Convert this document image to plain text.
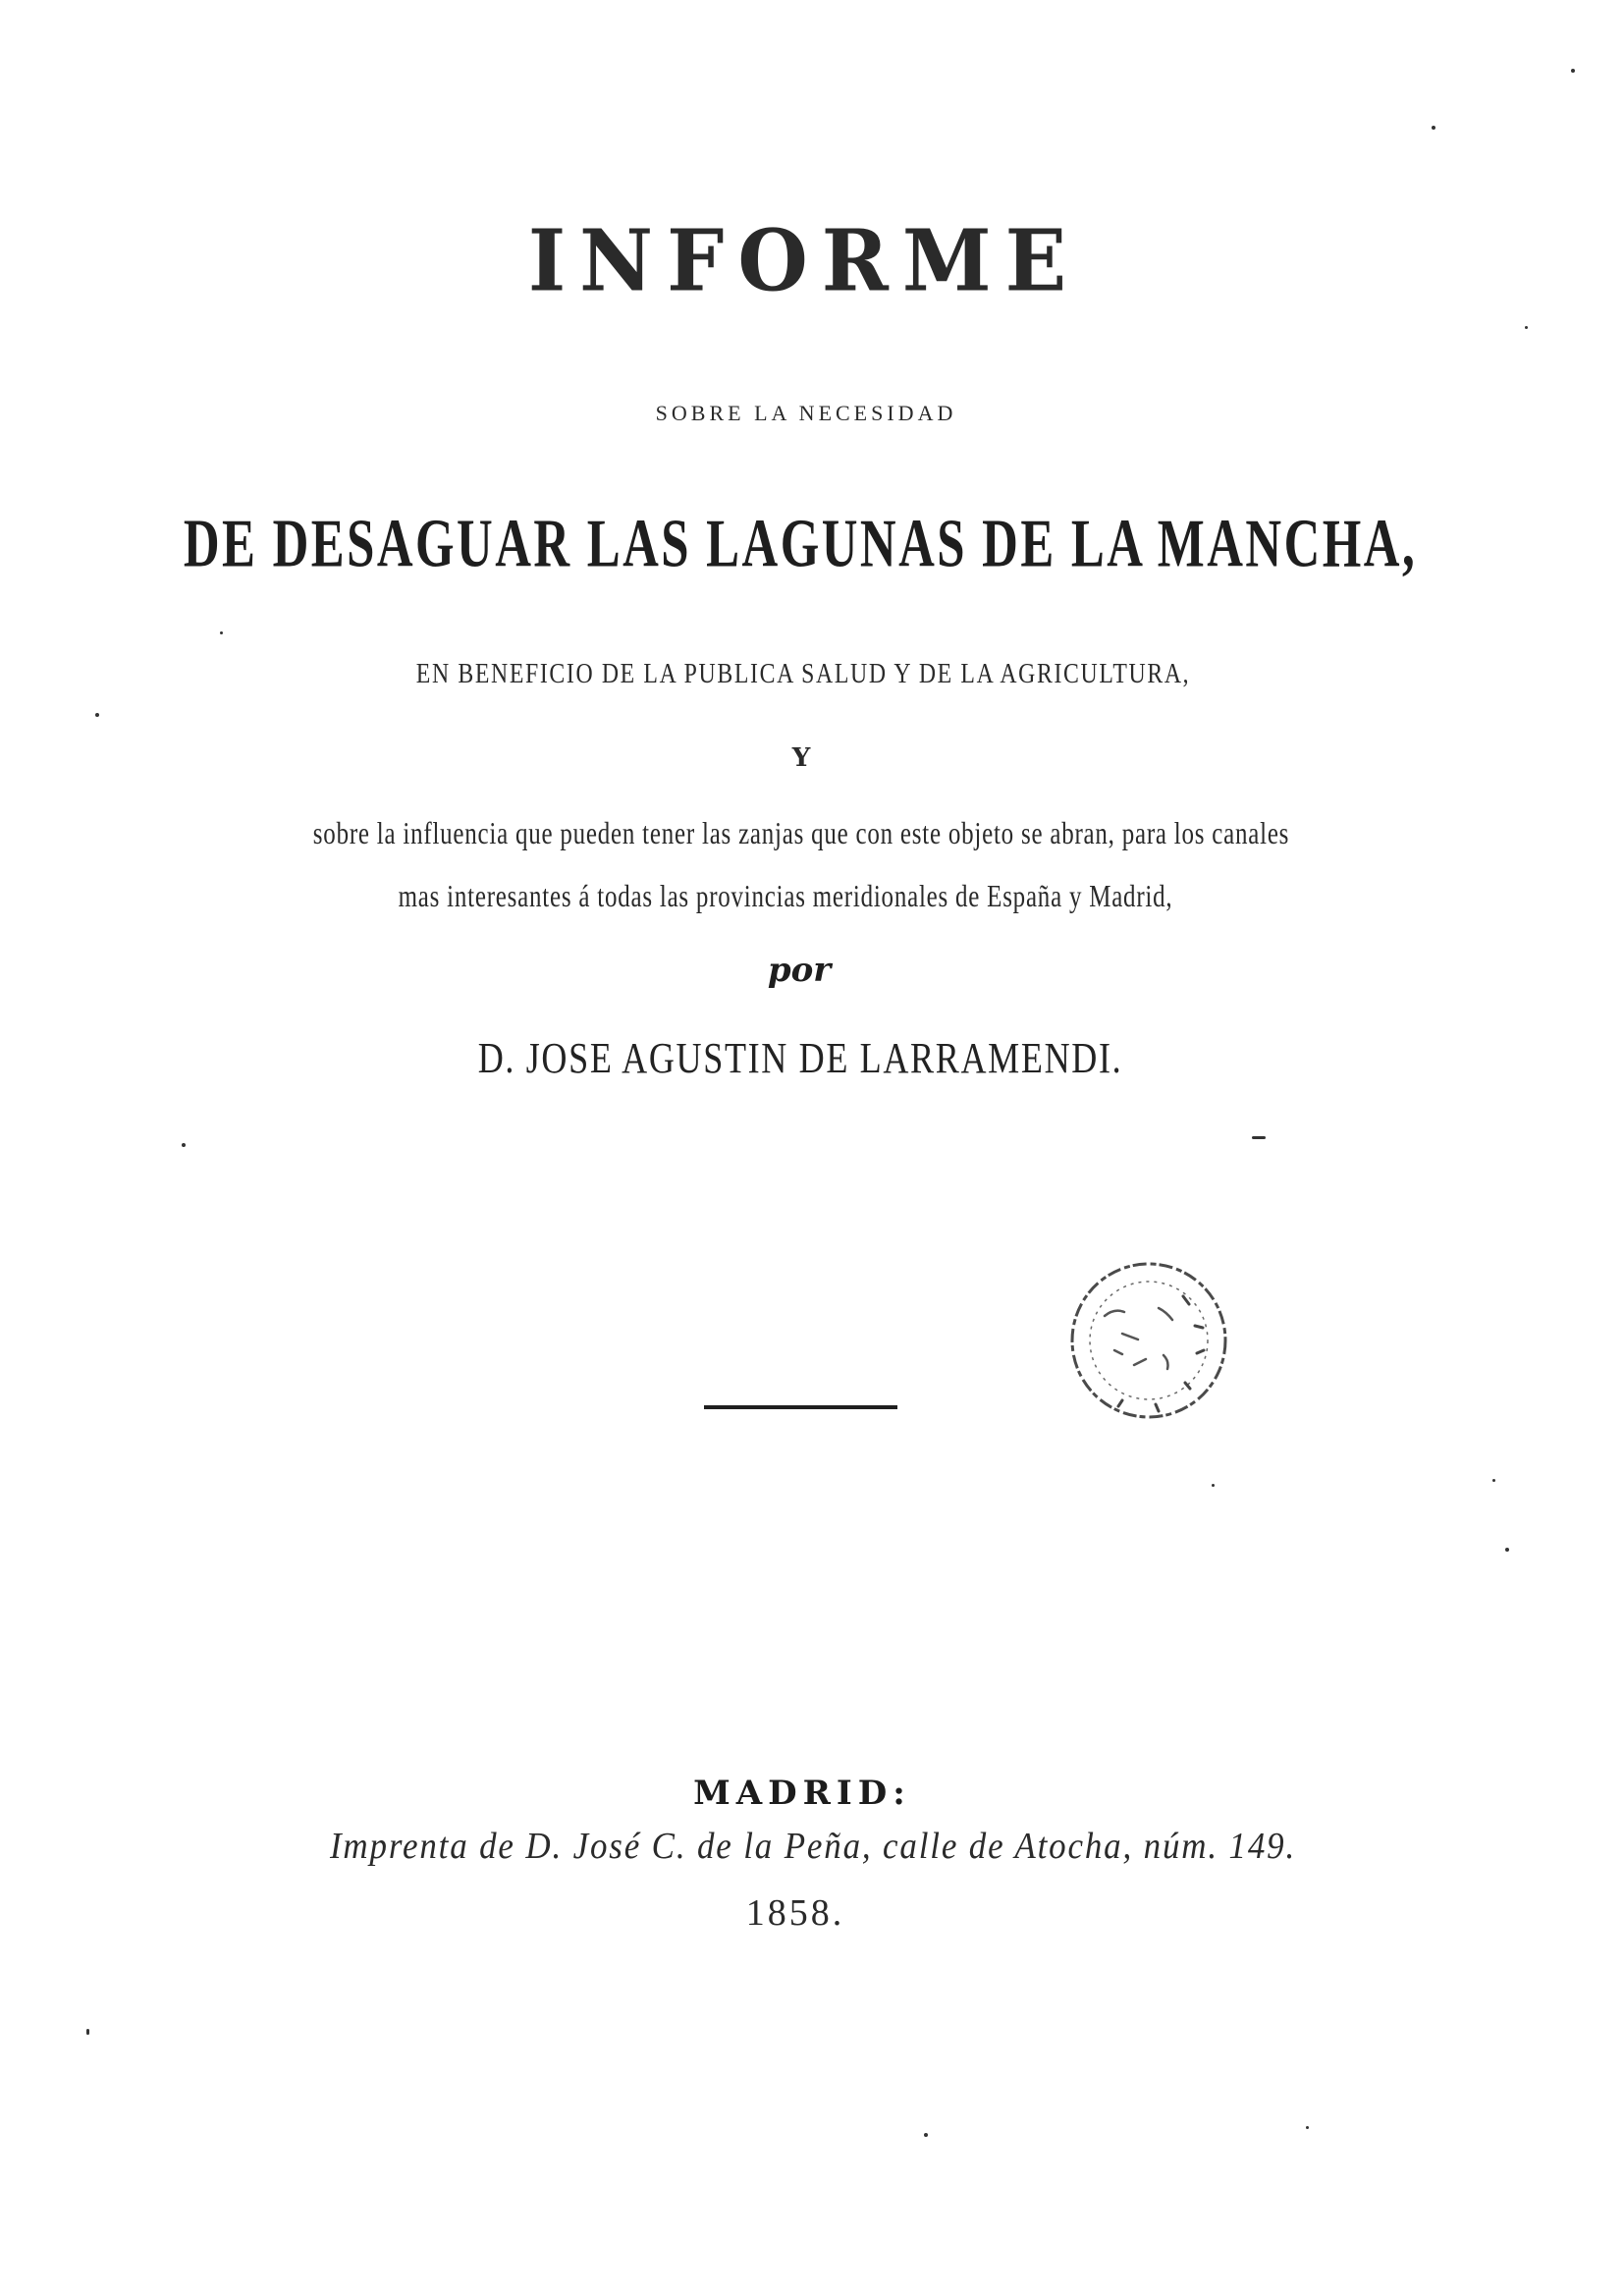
INFORME
SOBRE LA NECESIDAD
DE DESAGUAR LAS LAGUNAS DE LA MANCHA,
EN BENEFICIO DE LA PUBLICA SALUD Y DE LA AGRICULTURA,
Y
sobre la influencia que pueden tener las zanjas que con este objeto se abran, para los canales
mas interesantes á todas las provincias meridionales de España y Madrid,
por
D. JOSE AGUSTIN DE LARRAMENDI.
MADRID:
Imprenta de D. José C. de la Peña, calle de Atocha, núm. 149.
1858.
